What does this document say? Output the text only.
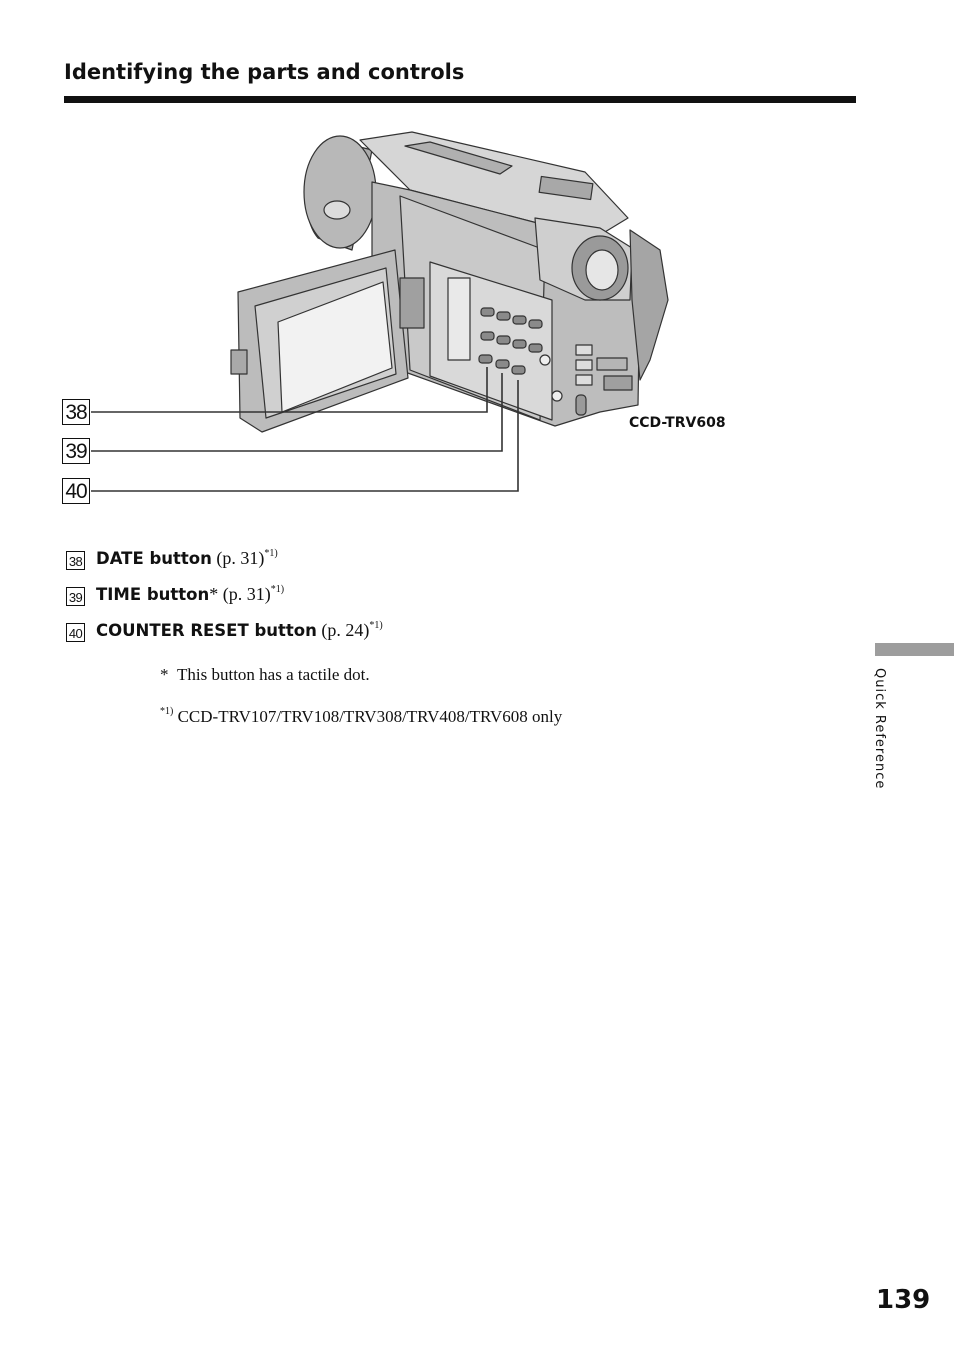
Identifying the parts and controls
38
39
40
CCD-TRV608
38 DATE button (p. 31)$^{*1)}$
39 TIME button* (p. 31)$^{*1)}$
40 COUNTER RESET button (p. 24)$^{*1)}$
* This button has a tactile dot.
$^{*1)}$ CCD-TRV107/TRV108/TRV308/TRV408/TRV608 only	Quick Reference
139
